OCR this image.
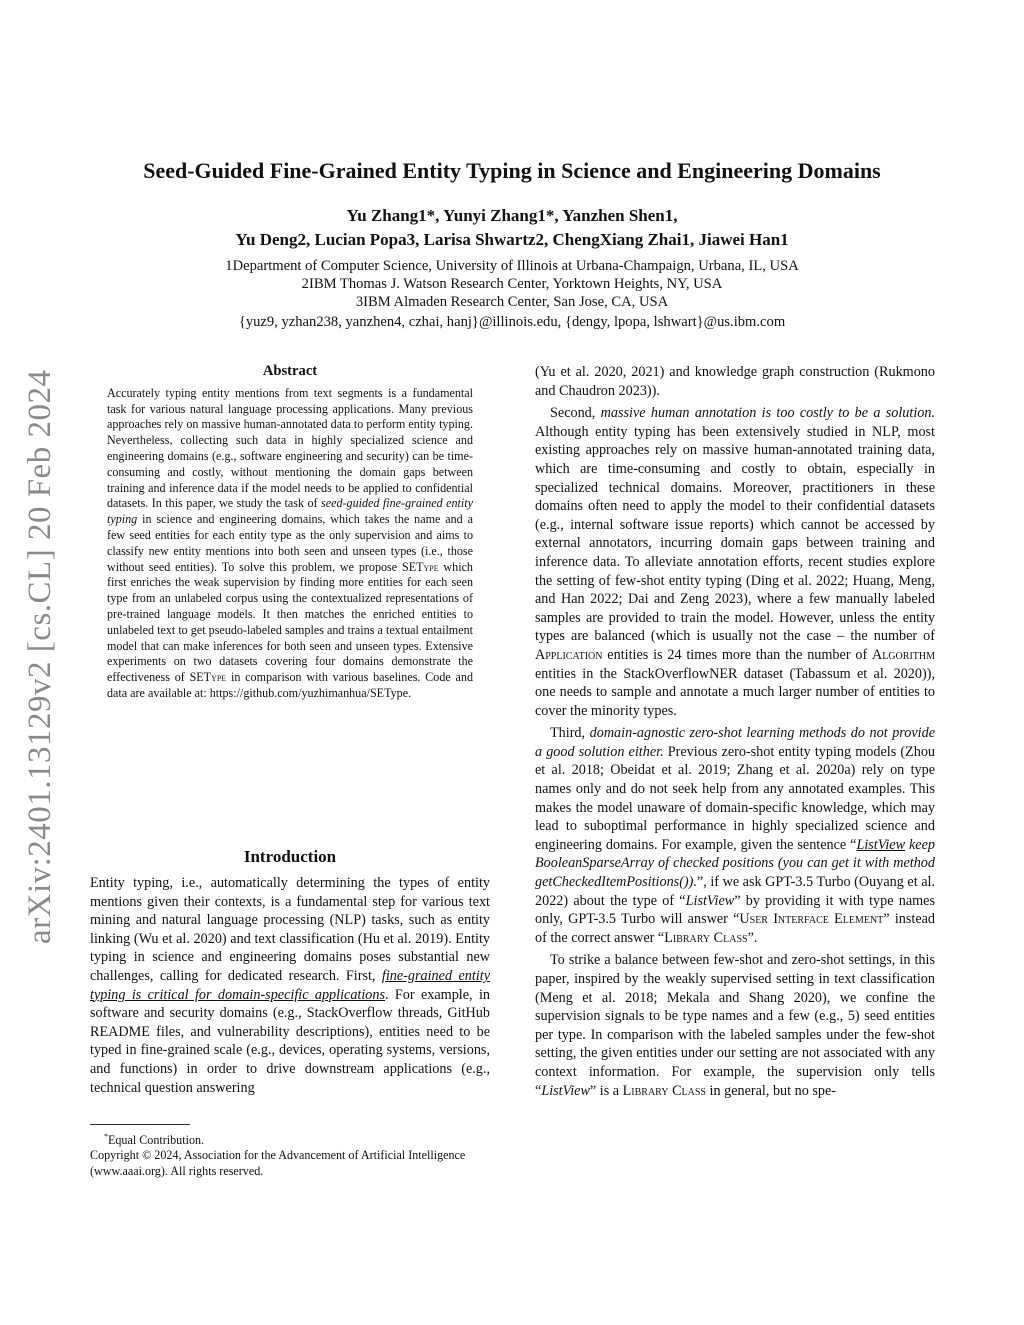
arXiv:2401.13129v2 [cs.CL] 20 Feb 2024
Seed-Guided Fine-Grained Entity Typing in Science and Engineering Domains
Yu Zhang1*, Yunyi Zhang1*, Yanzhen Shen1,
Yu Deng2, Lucian Popa3, Larisa Shwartz2, ChengXiang Zhai1, Jiawei Han1
1Department of Computer Science, University of Illinois at Urbana-Champaign, Urbana, IL, USA
2IBM Thomas J. Watson Research Center, Yorktown Heights, NY, USA
3IBM Almaden Research Center, San Jose, CA, USA
{yuz9, yzhan238, yanzhen4, czhai, hanj}@illinois.edu, {dengy, lpopa, lshwart}@us.ibm.com
Abstract

Accurately typing entity mentions from text segments is a fundamental task for various natural language processing applications. Many previous approaches rely on massive human-annotated data to perform entity typing. Nevertheless, collecting such data in highly specialized science and engineering domains (e.g., software engineering and security) can be time-consuming and costly, without mentioning the domain gaps between training and inference data if the model needs to be applied to confidential datasets. In this paper, we study the task of seed-guided fine-grained entity typing in science and engineering domains, which takes the name and a few seed entities for each entity type as the only supervision and aims to classify new entity mentions into both seen and unseen types (i.e., those without seed entities). To solve this problem, we propose SEType which first enriches the weak supervision by finding more entities for each seen type from an unlabeled corpus using the contextualized representations of pre-trained language models. It then matches the enriched entities to unlabeled text to get pseudo-labeled samples and trains a textual entailment model that can make inferences for both seen and unseen types. Extensive experiments on two datasets covering four domains demonstrate the effectiveness of SEType in comparison with various baselines. Code and data are available at: https://github.com/yuzhimanhua/SEType.

Introduction

Entity typing, i.e., automatically determining the types of entity mentions given their contexts, is a fundamental step for various text mining and natural language processing (NLP) tasks, such as entity linking (Wu et al. 2020) and text classification (Hu et al. 2019). Entity typing in science and engineering domains poses substantial new challenges, calling for dedicated research. First, fine-grained entity typing is critical for domain-specific applications. For example, in software and security domains (e.g., StackOverflow threads, GitHub README files, and vulnerability descriptions), entities need to be typed in fine-grained scale (e.g., devices, operating systems, versions, and functions) in order to drive downstream applications (e.g., technical question answering

*Equal Contribution.
Copyright © 2024, Association for the Advancement of Artificial Intelligence (www.aaai.org). All rights reserved.

(Yu et al. 2020, 2021) and knowledge graph construction (Rukmono and Chaudron 2023)).

Second, massive human annotation is too costly to be a solution. Although entity typing has been extensively studied in NLP, most existing approaches rely on massive human-annotated training data, which are time-consuming and costly to obtain, especially in specialized technical domains. Moreover, practitioners in these domains often need to apply the model to their confidential datasets (e.g., internal software issue reports) which cannot be accessed by external annotators, incurring domain gaps between training and inference data. To alleviate annotation efforts, recent studies explore the setting of few-shot entity typing (Ding et al. 2022; Huang, Meng, and Han 2022; Dai and Zeng 2023), where a few manually labeled samples are provided to train the model. However, unless the entity types are balanced (which is usually not the case – the number of Application entities is 24 times more than the number of Algorithm entities in the StackOverflowNER dataset (Tabassum et al. 2020)), one needs to sample and annotate a much larger number of entities to cover the minority types.

Third, domain-agnostic zero-shot learning methods do not provide a good solution either. Previous zero-shot entity typing models (Zhou et al. 2018; Obeidat et al. 2019; Zhang et al. 2020a) rely on type names only and do not seek help from any annotated examples. This makes the model unaware of domain-specific knowledge, which may lead to suboptimal performance in highly specialized science and engineering domains. For example, given the sentence “ListView keep BooleanSparseArray of checked positions (you can get it with method getCheckedItemPositions()).”, if we ask GPT-3.5 Turbo (Ouyang et al. 2022) about the type of “ListView” by providing it with type names only, GPT-3.5 Turbo will answer “User Interface Element” instead of the correct answer “Library Class”.

To strike a balance between few-shot and zero-shot settings, in this paper, inspired by the weakly supervised setting in text classification (Meng et al. 2018; Mekala and Shang 2020), we confine the supervision signals to be type names and a few (e.g., 5) seed entities per type. In comparison with the labeled samples under the few-shot setting, the given entities under our setting are not associated with any context information. For example, the supervision only tells “ListView” is a Library Class in general, but no spe-
